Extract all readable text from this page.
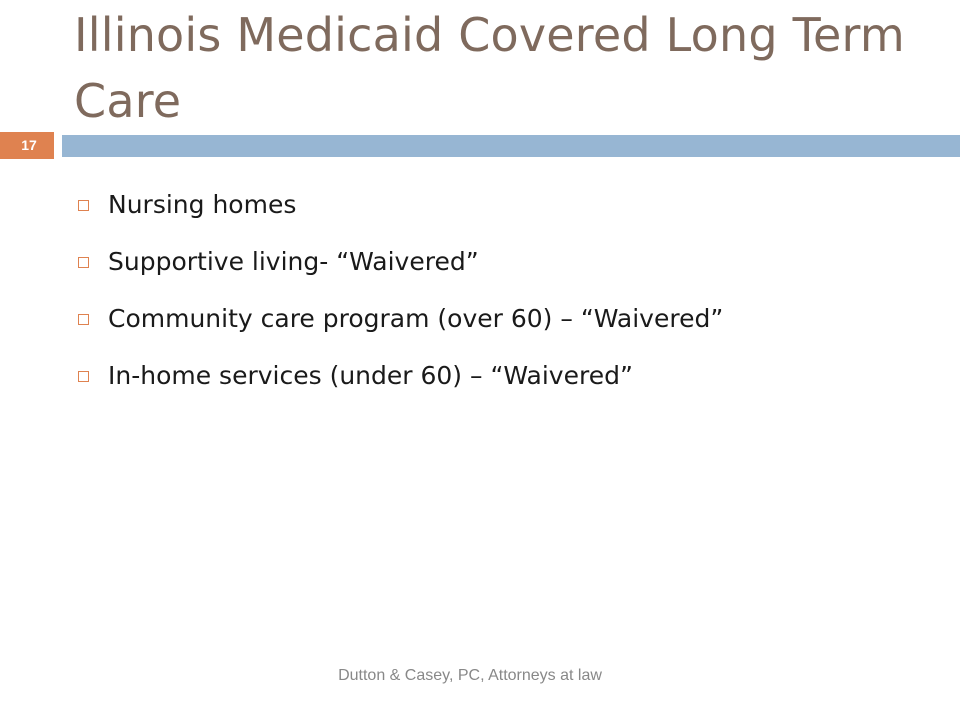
Illinois Medicaid Covered Long Term Care
17
Nursing homes
Supportive living- “Waivered”
Community care program (over 60) – “Waivered”
In-home services (under 60) – “Waivered”
Dutton & Casey, PC, Attorneys at law
